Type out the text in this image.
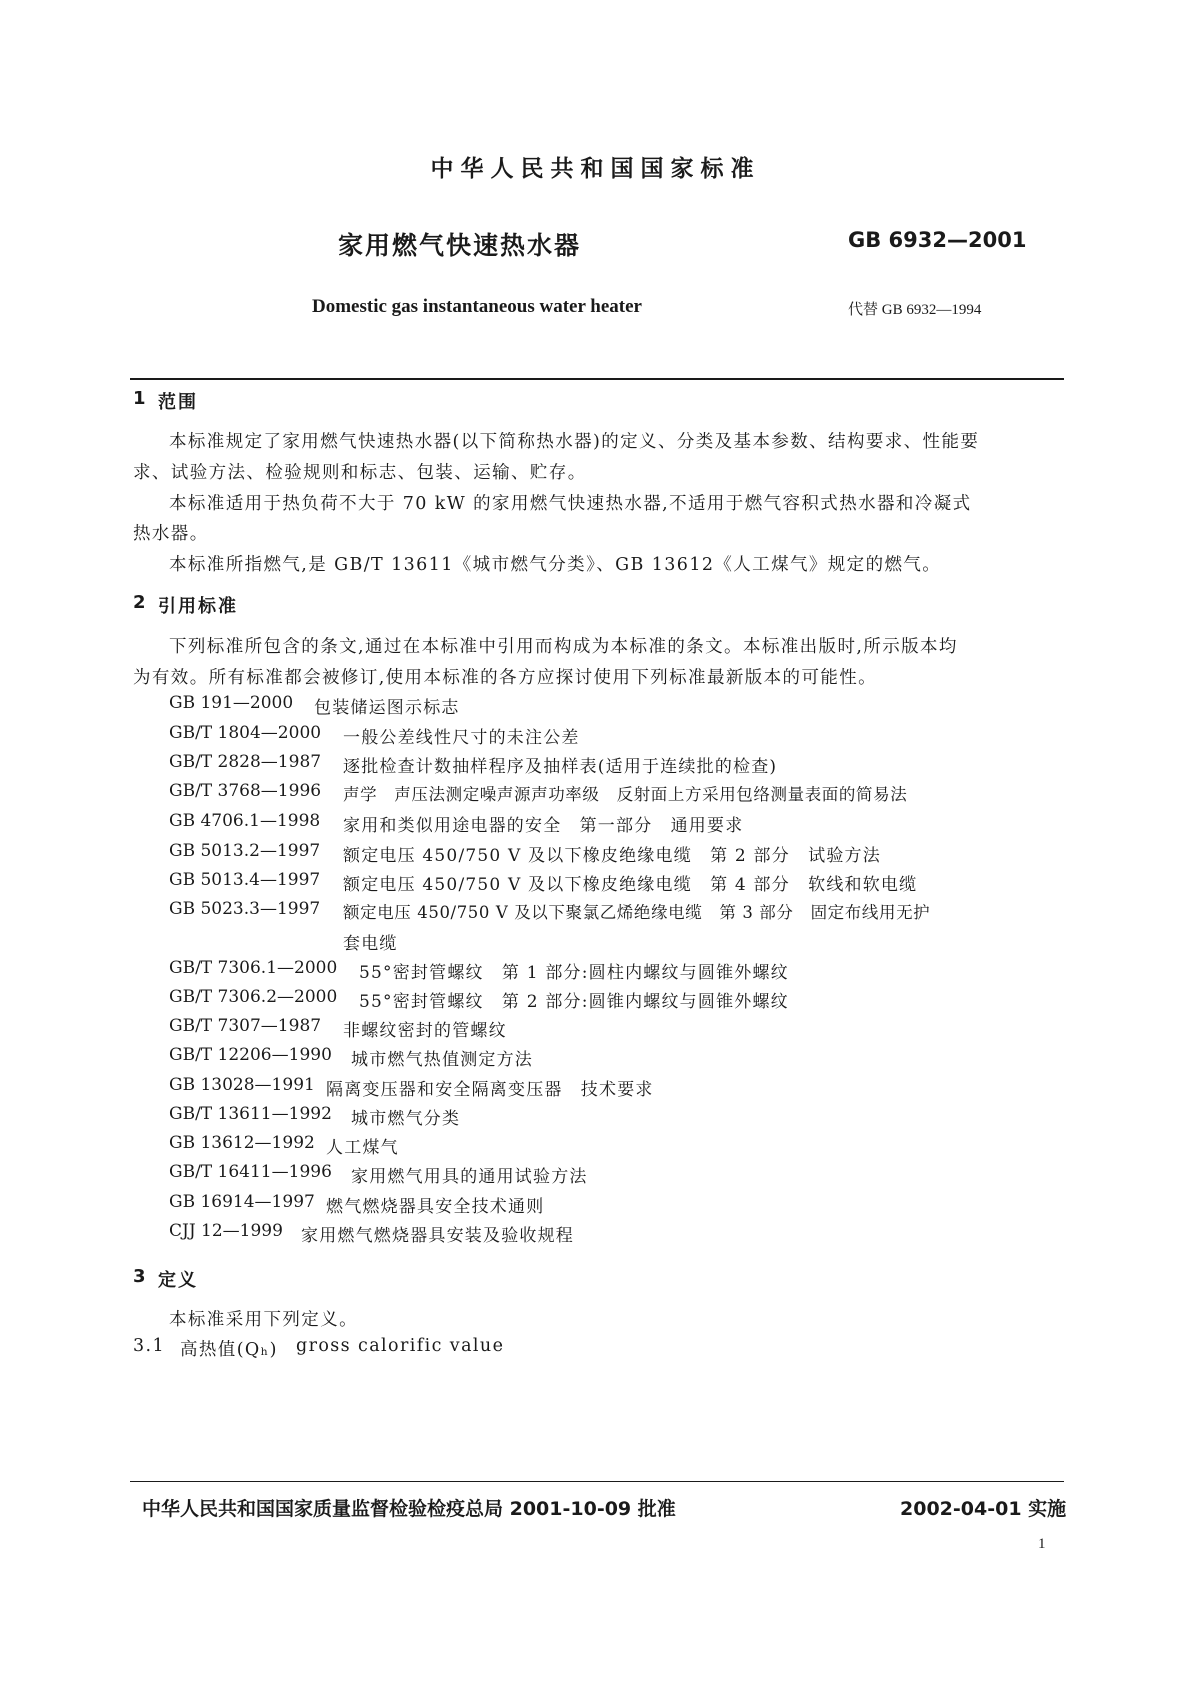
中华人民共和国国家标准
家用燃气快速热水器	GB 6932—2001
Domestic gas instantaneous water heater	代替 GB 6932—1994
1 范围
本标准规定了家用燃气快速热水器(以下简称热水器)的定义、分类及基本参数、结构要求、性能要
求、试验方法、检验规则和标志、包装、运输、贮存。
本标准适用于热负荷不大于 70 kW 的家用燃气快速热水器,不适用于燃气容积式热水器和冷凝式
热水器。
本标准所指燃气,是 GB/T 13611《城市燃气分类》、GB 13612《人工煤气》规定的燃气。
2 引用标准
下列标准所包含的条文,通过在本标准中引用而构成为本标准的条文。本标准出版时,所示版本均
为有效。所有标准都会被修订,使用本标准的各方应探讨使用下列标准最新版本的可能性。
GB 191—2000 包装储运图示标志
GB/T 1804—2000 一般公差线性尺寸的未注公差
GB/T 2828—1987 逐批检查计数抽样程序及抽样表(适用于连续批的检查)
GB/T 3768—1996 声学　声压法测定噪声源声功率级　反射面上方采用包络测量表面的简易法
GB 4706.1—1998 家用和类似用途电器的安全　第一部分　通用要求
GB 5013.2—1997 额定电压 450/750 V 及以下橡皮绝缘电缆　第 2 部分　试验方法
GB 5013.4—1997 额定电压 450/750 V 及以下橡皮绝缘电缆　第 4 部分　软线和软电缆
GB 5023.3—1997 额定电压 450/750 V 及以下聚氯乙烯绝缘电缆　第 3 部分　固定布线用无护
套电缆
GB/T 7306.1—2000 55°密封管螺纹　第 1 部分:圆柱内螺纹与圆锥外螺纹
GB/T 7306.2—2000 55°密封管螺纹　第 2 部分:圆锥内螺纹与圆锥外螺纹
GB/T 7307—1987 非螺纹密封的管螺纹
GB/T 12206—1990 城市燃气热值测定方法
GB 13028—1991 隔离变压器和安全隔离变压器　技术要求
GB/T 13611—1992 城市燃气分类
GB 13612—1992 人工煤气
GB/T 16411—1996 家用燃气用具的通用试验方法
GB 16914—1997 燃气燃烧器具安全技术通则
CJJ 12—1999 家用燃气燃烧器具安装及验收规程
3 定义
本标准采用下列定义。
3.1 高热值(Qₕ) gross calorific value
中华人民共和国国家质量监督检验检疫总局 2001-10-09 批准	2002-04-01 实施
1
